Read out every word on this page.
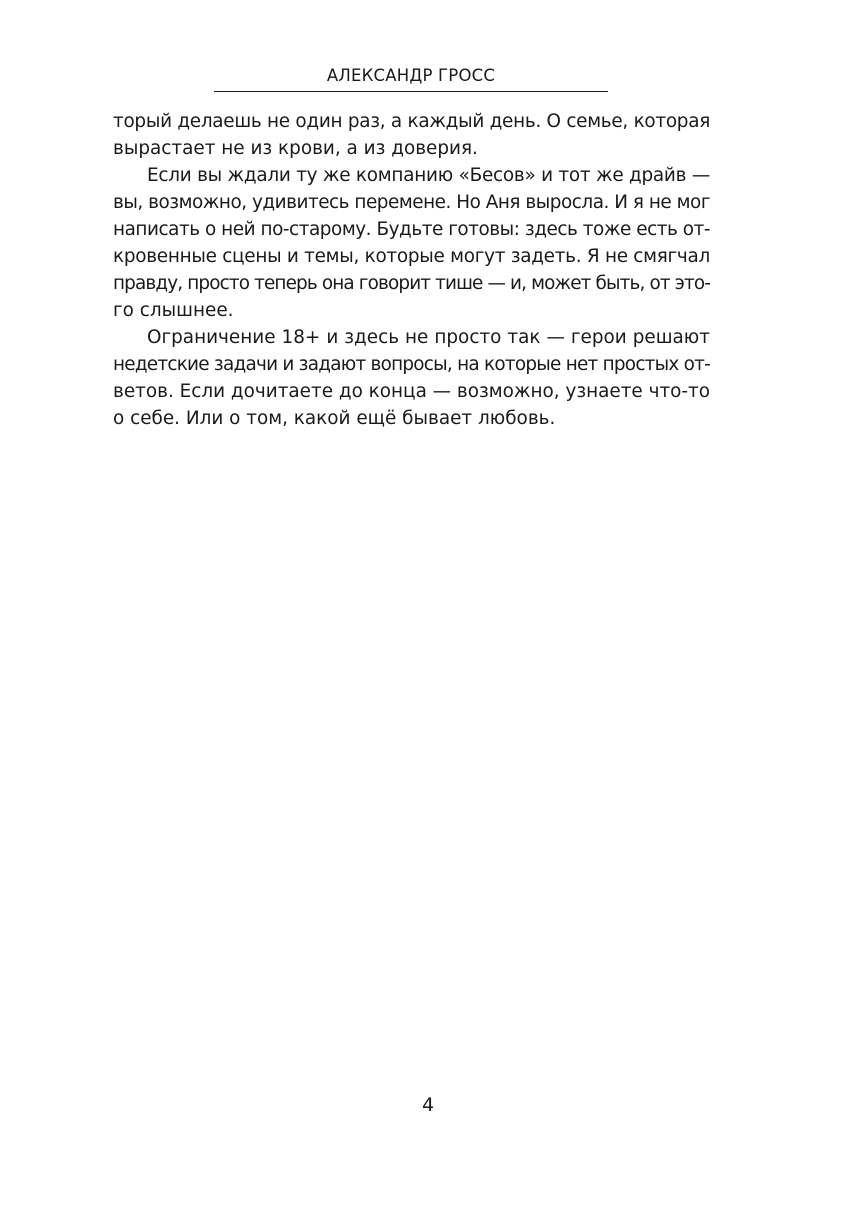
АЛЕКСАНДР ГРОСС

торый делаешь не один раз, а каждый день. О семье, которая
вырастает не из крови, а из доверия.

Если вы ждали ту же компанию «Бесов» и тот же драйв —
вы, возможно, удивитесь перемене. Но Аня выросла. И я не мог
написать о ней по-старому. Будьте готовы: здесь тоже есть от-
кровенные сцены и темы, которые могут задеть. Я не смягчал
правду, просто теперь она говорит тише — и, может быть, от это-
го слышнее.

Ограничение 18+ и здесь не просто так — герои решают
недетские задачи и задают вопросы, на которые нет простых от-
ветов. Если дочитаете до конца — возможно, узнаете что-то
о себе. Или о том, какой ещё бывает любовь.

4
